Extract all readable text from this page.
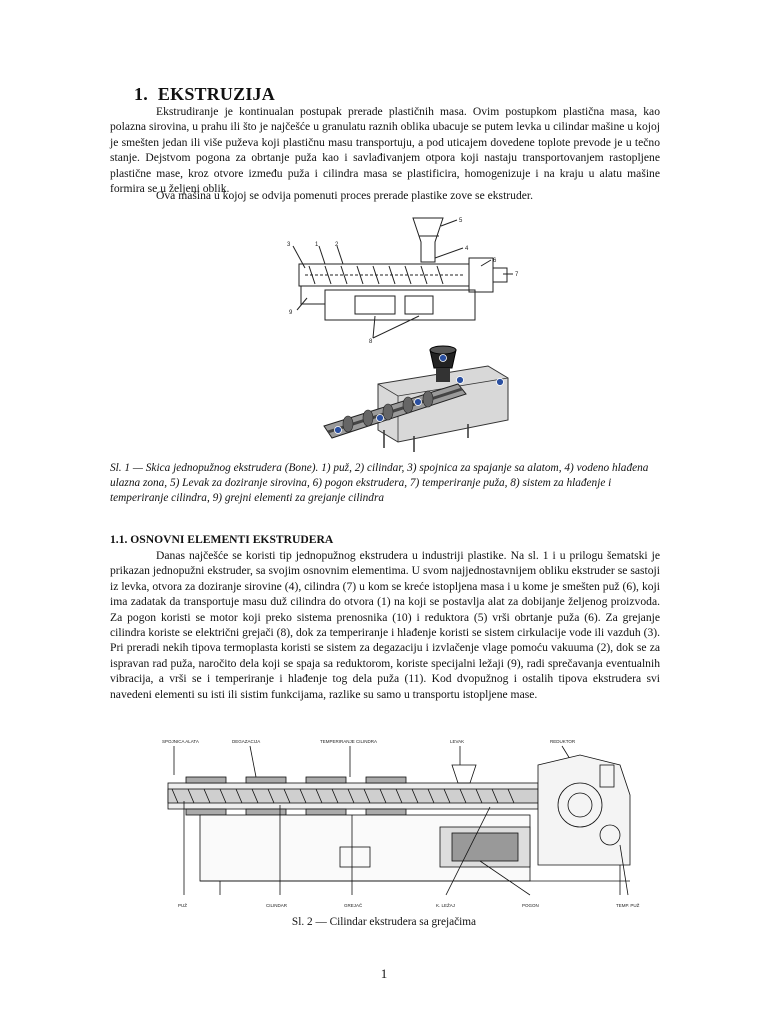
1. EKSTRUZIJA

Ekstrudiranje je kontinualan postupak prerade plastičnih masa. Ovim postupkom plastična masa, kao polazna sirovina, u prahu ili što je najčešće u granulatu raznih oblika ubacuje se putem levka u cilindar mašine u kojoj je smešten jedan ili više puževa koji plastičnu masu transportuju, a pod uticajem dovedene toplote prevode je u tečno stanje. Dejstvom pogona za obrtanje puža kao i savlađivanjem otpora koji nastaju transportovanjem rastopljene plastične mase, kroz otvore između puža i cilindra masa se plastificira, homogenizuje i na kraju u alatu mašine formira se u željeni oblik.

Ova mašina u kojoj se odvija pomenuti proces prerade plastike zove se ekstruder.

3	1	2
5
4
6
7
9
8

Sl. 1 — Skica jednopužnog ekstrudera (Bone). 1) puž, 2) cilindar, 3) spojnica za spajanje sa alatom, 4) vodeno hlađena ulazna zona, 5) Levak za doziranje sirovina, 6) pogon ekstrudera, 7) temperiranje puža, 8) sistem za hlađenje i temperiranje cilindra, 9) grejni elementi za grejanje cilindra

1.1. OSNOVNI ELEMENTI EKSTRUDERA

Danas najčešće se koristi tip jednopužnog ekstrudera u industriji plastike. Na sl. 1 i u prilogu šematski je prikazan jednopužni ekstruder, sa svojim osnovnim elementima. U svom najjednostavnijem obliku ekstruder se sastoji iz levka, otvora za doziranje sirovine (4), cilindra (7) u kom se kreće istopljena masa i u kome je smešten puž (6), koji ima zadatak da transportuje masu duž cilindra do otvora (1) na koji se postavlja alat za dobijanje željenog proizvoda. Za pogon koristi se motor koji preko sistema prenosnika (10) i reduktora (5) vrši obrtanje puža (6). Za grejanje cilindra koriste se električni grejači (8), dok za temperiranje i hlađenje koristi se sistem cirkulacije vode ili vazduh (3). Pri preradi nekih tipova termoplasta koristi se sistem za degazaciju i izvlačenje vlage pomoću vakuuma (2), dok se za ispravan rad puža, naročito dela koji se spaja sa reduktorom, koriste specijalni ležaji (9), radi sprečavanja eventualnih vibracija, a vrši se i temperiranje i hlađenje tog dela puža (11). Kod dvopužnog i ostalih tipova ekstrudera svi navedeni elementi su isti ili sistim funkcijama, razlike su samo u transportu istopljene mase.

SPOJNICA ALATA	DEGAZACIJA	TEMPERIRANJE CILINDRA	LEVAK	REDUKTOR
PUŽ	CILINDAR	GREJAČ	K. LEŽAJ	POGON	TEMP. PUŽ

Sl. 2 — Cilindar ekstrudera sa grejačima

1
